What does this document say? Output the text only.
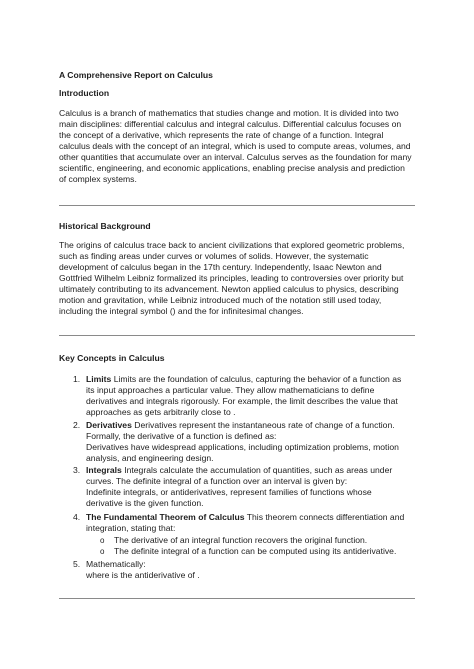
A Comprehensive Report on Calculus
Introduction
Calculus is a branch of mathematics that studies change and motion. It is divided into two
main disciplines: differential calculus and integral calculus. Differential calculus focuses on
the concept of a derivative, which represents the rate of change of a function. Integral
calculus deals with the concept of an integral, which is used to compute areas, volumes, and
other quantities that accumulate over an interval. Calculus serves as the foundation for many
scientific, engineering, and economic applications, enabling precise analysis and prediction
of complex systems.
Historical Background
The origins of calculus trace back to ancient civilizations that explored geometric problems,
such as finding areas under curves or volumes of solids. However, the systematic
development of calculus began in the 17th century. Independently, Isaac Newton and
Gottfried Wilhelm Leibniz formalized its principles, leading to controversies over priority but
ultimately contributing to its advancement. Newton applied calculus to physics, describing
motion and gravitation, while Leibniz introduced much of the notation still used today,
including the integral symbol () and the for infinitesimal changes.
Key Concepts in Calculus
1. Limits Limits are the foundation of calculus, capturing the behavior of a function as
its input approaches a particular value. They allow mathematicians to define
derivatives and integrals rigorously. For example, the limit describes the value that
approaches as gets arbitrarily close to .
2. Derivatives Derivatives represent the instantaneous rate of change of a function.
Formally, the derivative of a function is defined as:
Derivatives have widespread applications, including optimization problems, motion
analysis, and engineering design.
3. Integrals Integrals calculate the accumulation of quantities, such as areas under
curves. The definite integral of a function over an interval is given by:
Indefinite integrals, or antiderivatives, represent families of functions whose
derivative is the given function.
4. The Fundamental Theorem of Calculus This theorem connects differentiation and
integration, stating that:
o The derivative of an integral function recovers the original function.
o The definite integral of a function can be computed using its antiderivative.
5. Mathematically:
where is the antiderivative of .
